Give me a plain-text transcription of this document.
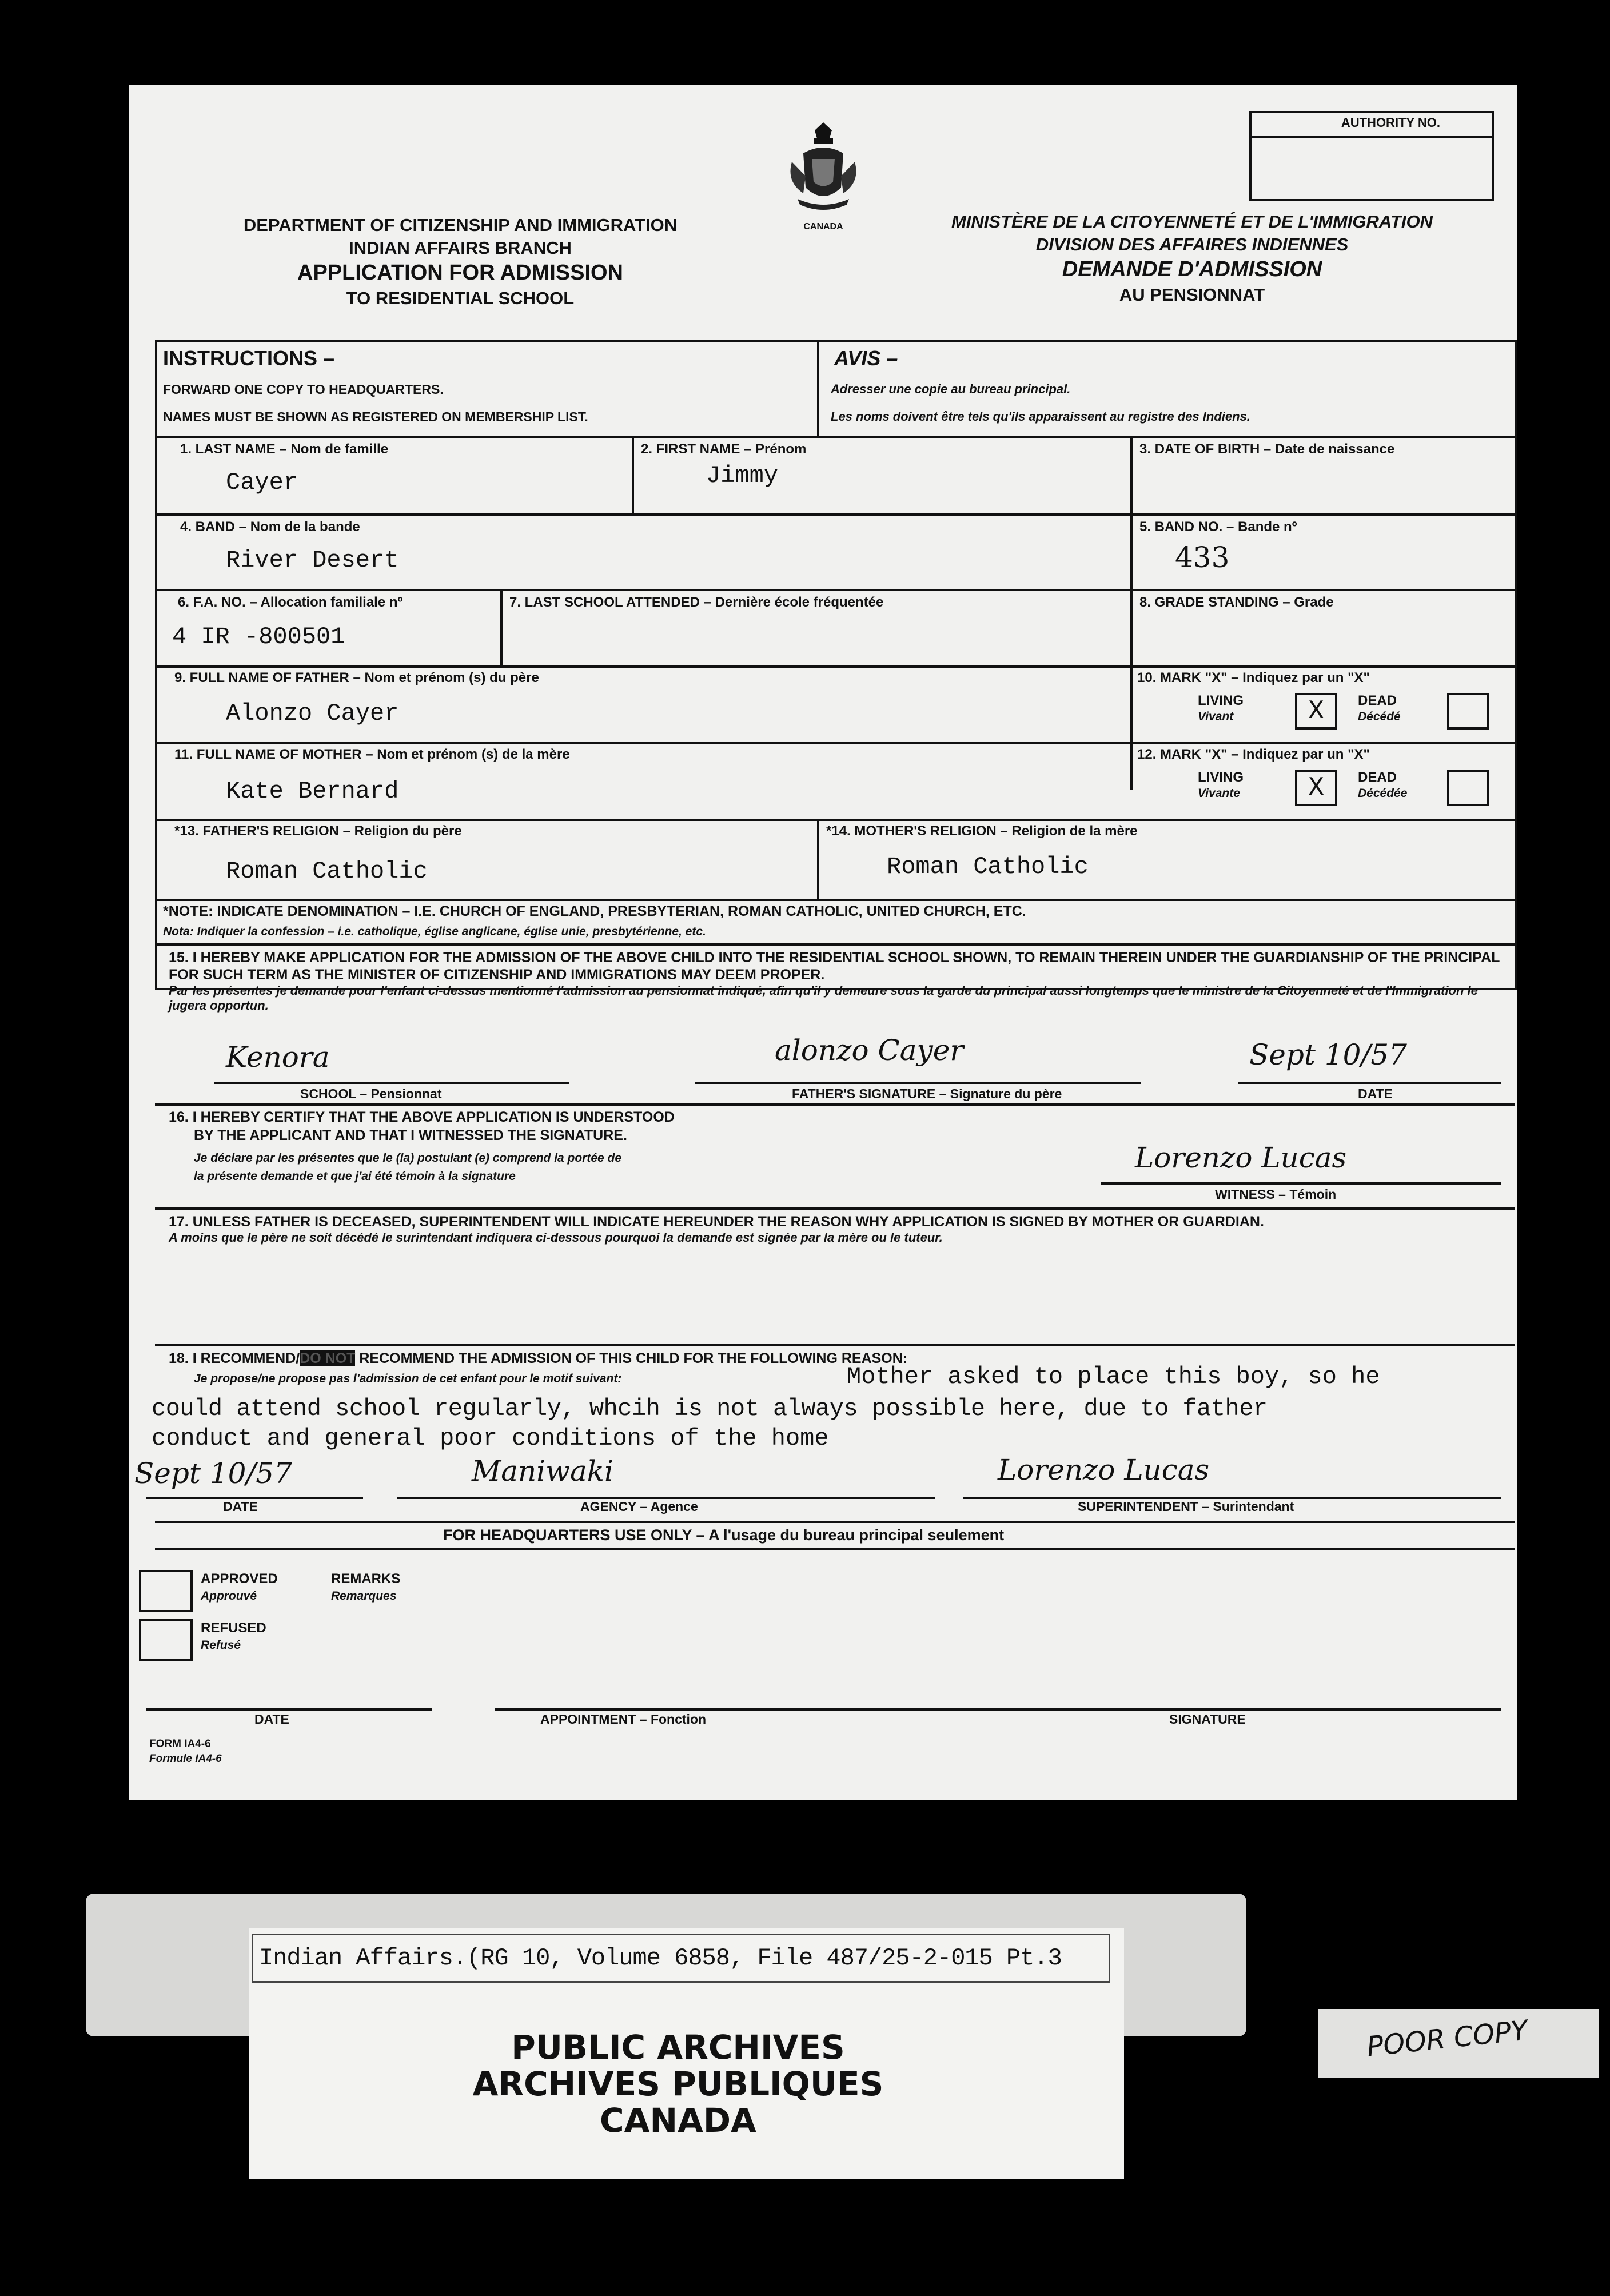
AUTHORITY NO.
CANADA
DEPARTMENT OF CITIZENSHIP AND IMMIGRATION
INDIAN AFFAIRS BRANCH
APPLICATION FOR ADMISSION
TO RESIDENTIAL SCHOOL
MINISTÈRE DE LA CITOYENNETÉ ET DE L'IMMIGRATION
DIVISION DES AFFAIRES INDIENNES
DEMANDE D'ADMISSION
AU PENSIONNAT
INSTRUCTIONS –
FORWARD ONE COPY TO HEADQUARTERS.
NAMES MUST BE SHOWN AS REGISTERED ON MEMBERSHIP LIST.
AVIS –
Adresser une copie au bureau principal.
Les noms doivent être tels qu'ils apparaissent au registre des Indiens.
1. LAST NAME – Nom de famille
Cayer
2. FIRST NAME – Prénom
Jimmy
3. DATE OF BIRTH – Date de naissance
4. BAND – Nom de la bande
River Desert
5. BAND NO. – Bande nº
433
6. F.A. NO. – Allocation familiale nº
4 IR -800501
7. LAST SCHOOL ATTENDED – Dernière école fréquentée	8. GRADE STANDING – Grade
9. FULL NAME OF FATHER – Nom et prénom (s) du père
Alonzo Cayer
10. MARK "X" – Indiquez par un "X"
LIVING
Vivant	X	DEAD
Décédé
11. FULL NAME OF MOTHER – Nom et prénom (s) de la mère
Kate Bernard
12. MARK "X" – Indiquez par un "X"
LIVING
Vivante	X	DEAD
Décédée
*13. FATHER'S RELIGION – Religion du père
Roman Catholic
*14. MOTHER'S RELIGION – Religion de la mère
Roman Catholic
*NOTE: INDICATE DENOMINATION – I.E. CHURCH OF ENGLAND, PRESBYTERIAN, ROMAN CATHOLIC, UNITED CHURCH, ETC.
Nota: Indiquer la confession – i.e. catholique, église anglicane, église unie, presbytérienne, etc.
15. I HEREBY MAKE APPLICATION FOR THE ADMISSION OF THE ABOVE CHILD INTO THE RESIDENTIAL SCHOOL SHOWN, TO REMAIN THEREIN UNDER THE GUARDIANSHIP OF THE PRINCIPAL FOR SUCH TERM AS THE MINISTER OF CITIZENSHIP AND IMMIGRATIONS MAY DEEM PROPER.
Par les présentes je demande pour l'enfant ci-dessus mentionné l'admission au pensionnat indiqué, afin qu'il y demeure sous la garde du principal aussi longtemps que le ministre de la Citoyenneté et de l'Immigration le jugera opportun.
Kenora
SCHOOL – Pensionnat
alonzo Cayer
FATHER'S SIGNATURE – Signature du père
Sept 10/57
DATE
16. I HEREBY CERTIFY THAT THE ABOVE APPLICATION IS UNDERSTOOD
BY THE APPLICANT AND THAT I WITNESSED THE SIGNATURE.
Je déclare par les présentes que le (la) postulant (e) comprend la portée de
la présente demande et que j'ai été témoin à la signature
Lorenzo Lucas
WITNESS – Témoin
17. UNLESS FATHER IS DECEASED, SUPERINTENDENT WILL INDICATE HEREUNDER THE REASON WHY APPLICATION IS SIGNED BY MOTHER OR GUARDIAN.
A moins que le père ne soit décédé le surintendant indiquera ci-dessous pourquoi la demande est signée par la mère ou le tuteur.
18. I RECOMMEND/DO NOT RECOMMEND THE ADMISSION OF THIS CHILD FOR THE FOLLOWING REASON:
Je propose/ne propose pas l'admission de cet enfant pour le motif suivant:	Mother asked to place this boy, so he
could attend school regularly, whcih is not always possible here, due to father
conduct and general poor conditions of the home
Sept 10/57
DATE
Maniwaki
AGENCY – Agence
Lorenzo Lucas
SUPERINTENDENT – Surintendant
FOR HEADQUARTERS USE ONLY – A l'usage du bureau principal seulement
APPROVED
Approuvé
REMARKS
Remarques
REFUSED
Refusé
DATE	APPOINTMENT – Fonction	SIGNATURE
FORM IA4-6
Formule IA4-6
Indian Affairs.(RG 10, Volume 6858, File 487/25-2-015 Pt.3
PUBLIC ARCHIVES
ARCHIVES PUBLIQUES
CANADA
POOR COPY
